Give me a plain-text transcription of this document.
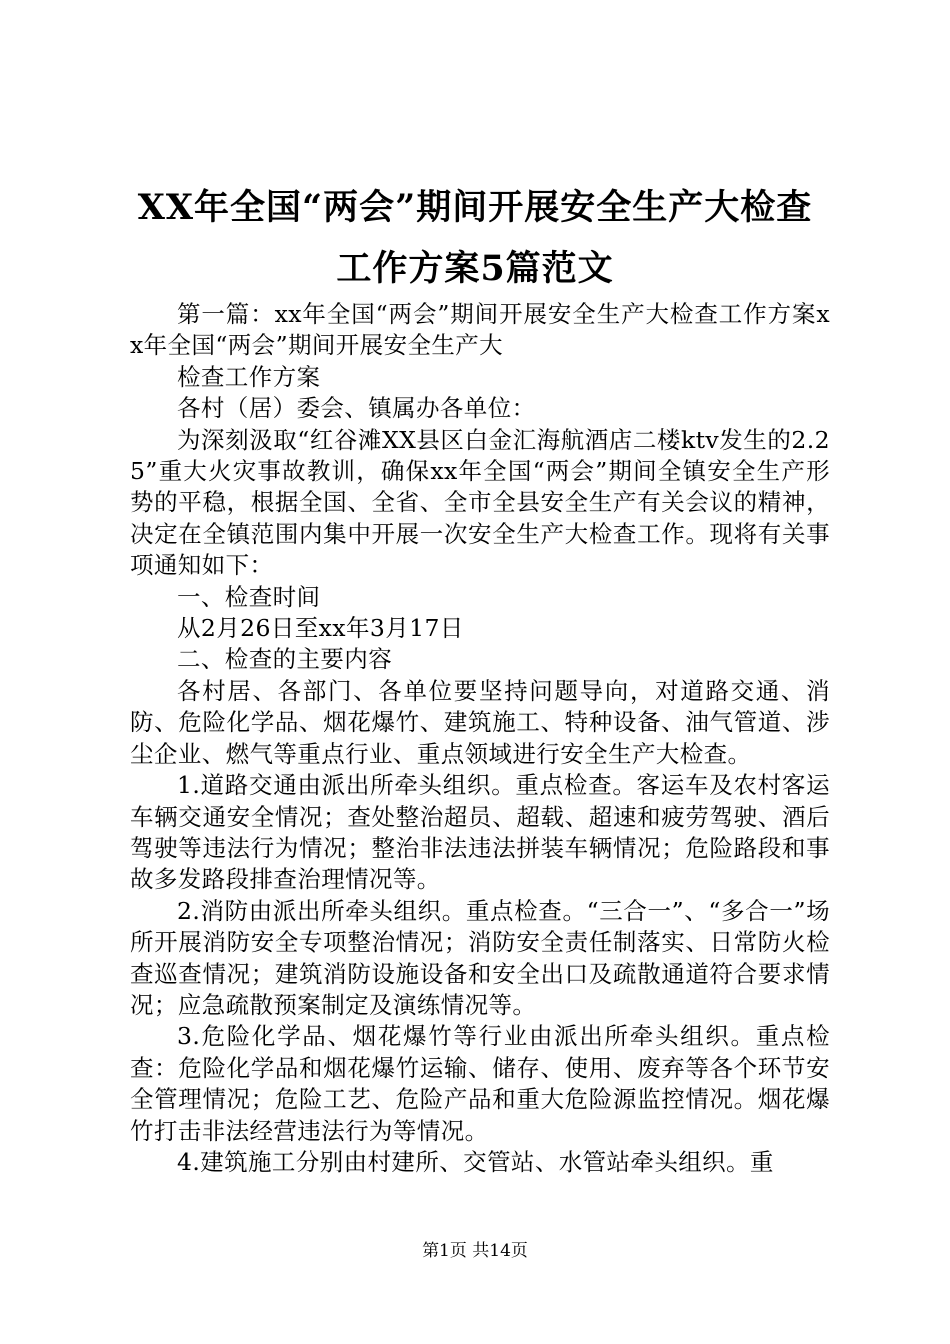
XX年全国“两会”期间开展安全生产大检查
工作方案5篇范文

第一篇：xx年全国“两会”期间开展安全生产大检查工作方案xx年全国“两会”期间开展安全生产大

检查工作方案

各村（居）委会、镇属办各单位：

为深刻汲取“红谷滩XX县区白金汇海航酒店二楼ktv发生的2.25”重大火灾事故教训，确保xx年全国“两会”期间全镇安全生产形势的平稳，根据全国、全省、全市全县安全生产有关会议的精神，决定在全镇范围内集中开展一次安全生产大检查工作。现将有关事项通知如下：

一、检查时间

从2月26日至xx年3月17日

二、检查的主要内容

各村居、各部门、各单位要坚持问题导向，对道路交通、消防、危险化学品、烟花爆竹、建筑施工、特种设备、油气管道、涉尘企业、燃气等重点行业、重点领域进行安全生产大检查。

1.道路交通由派出所牵头组织。重点检查。客运车及农村客运车辆交通安全情况；查处整治超员、超载、超速和疲劳驾驶、酒后驾驶等违法行为情况；整治非法违法拼装车辆情况；危险路段和事故多发路段排查治理情况等。

2.消防由派出所牵头组织。重点检查。“三合一”、“多合一”场所开展消防安全专项整治情况；消防安全责任制落实、日常防火检查巡查情况；建筑消防设施设备和安全出口及疏散通道符合要求情况；应急疏散预案制定及演练情况等。

3.危险化学品、烟花爆竹等行业由派出所牵头组织。重点检查：危险化学品和烟花爆竹运输、储存、使用、废弃等各个环节安全管理情况；危险工艺、危险产品和重大危险源监控情况。烟花爆竹打击非法经营违法行为等情况。

4.建筑施工分别由村建所、交管站、水管站牵头组织。重

第1页 共14页
